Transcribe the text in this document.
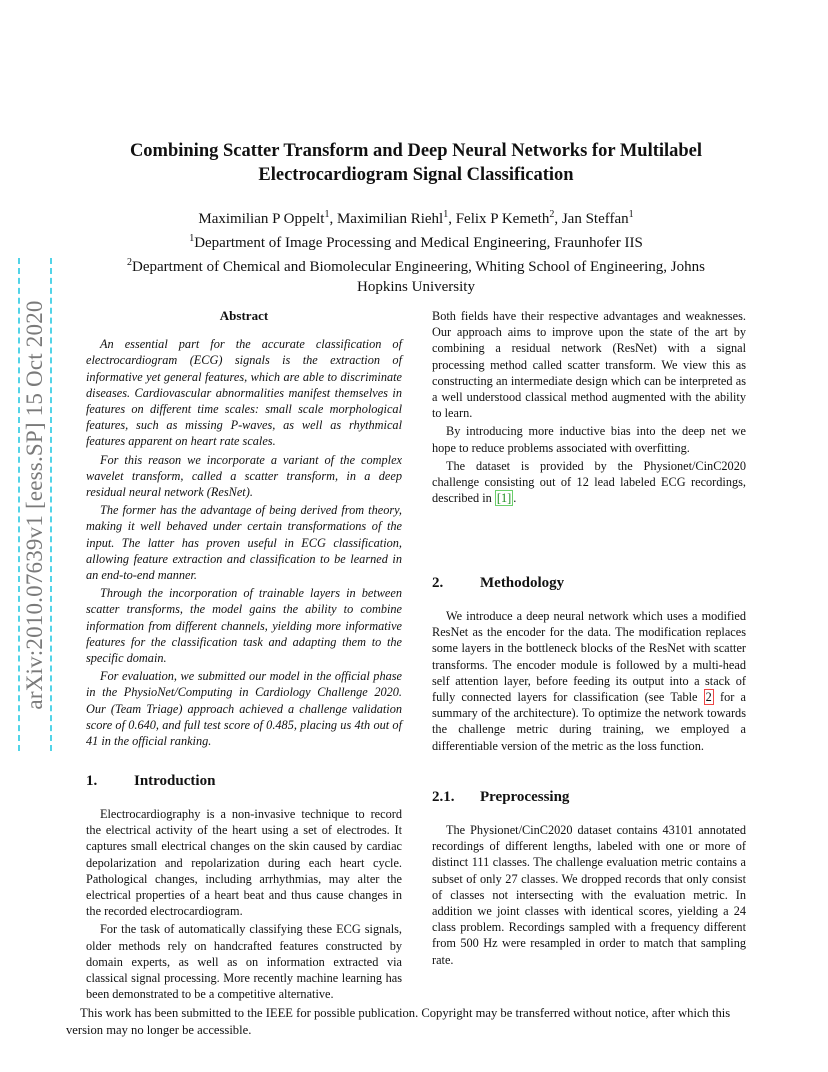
arXiv:2010.07639v1 [eess.SP] 15 Oct 2020
Combining Scatter Transform and Deep Neural Networks for Multilabel
Electrocardiogram Signal Classification
Maximilian P Oppelt$^1$, Maximilian Riehl$^1$, Felix P Kemeth$^2$, Jan Steffan$^1$
$^1$Department of Image Processing and Medical Engineering, Fraunhofer IIS
$^2$Department of Chemical and Biomolecular Engineering, Whiting School of Engineering, Johns
Hopkins University
Abstract

An essential part for the accurate classification of electrocardiogram (ECG) signals is the extraction of informative yet general features, which are able to discriminate diseases. Cardiovascular abnormalities manifest themselves in features on different time scales: small scale morphological features, such as missing P-waves, as well as rhythmical features apparent on heart rate scales.

For this reason we incorporate a variant of the complex wavelet transform, called a scatter transform, in a deep residual neural network (ResNet).

The former has the advantage of being derived from theory, making it well behaved under certain transformations of the input. The latter has proven useful in ECG classification, allowing feature extraction and classification to be learned in an end-to-end manner.

Through the incorporation of trainable layers in between scatter transforms, the model gains the ability to combine information from different channels, yielding more informative features for the classification task and adapting them to the specific domain.

For evaluation, we submitted our model in the official phase in the PhysioNet/Computing in Cardiology Challenge 2020. Our (Team Triage) approach achieved a challenge validation score of 0.640, and full test score of 0.485, placing us 4th out of 41 in the official ranking.

1. Introduction

Electrocardiography is a non-invasive technique to record the electrical activity of the heart using a set of electrodes. It captures small electrical changes on the skin caused by cardiac depolarization and repolarization during each heart cycle. Pathological changes, including arrhythmias, may alter the electrical properties of a heart beat and thus cause changes in the recorded electrocardiogram.

For the task of automatically classifying these ECG signals, older methods rely on handcrafted features constructed by domain experts, as well as on information extracted via classical signal processing. More recently machine learning has been demonstrated to be a competitive alternative.

Both fields have their respective advantages and weaknesses. Our approach aims to improve upon the state of the art by combining a residual network (ResNet) with a signal processing method called scatter transform. We view this as constructing an intermediate design which can be interpreted as a well understood classical method augmented with the ability to learn.

By introducing more inductive bias into the deep net we hope to reduce problems associated with overfitting.

The dataset is provided by the Physionet/CinC2020 challenge consisting out of 12 lead labeled ECG recordings, described in [1] .

2. Methodology

We introduce a deep neural network which uses a modified ResNet as the encoder for the data. The modification replaces some layers in the bottleneck blocks of the ResNet with scatter transforms. The encoder module is followed by a multi-head self attention layer, before feeding its output into a stack of fully connected layers for classification (see Table 2 for a summary of the architecture). To optimize the network towards the challenge metric during training, we employed a differentiable version of the metric as the loss function.

2.1. Preprocessing

The Physionet/CinC2020 dataset contains 43101 annotated recordings of different lengths, labeled with one or more of distinct 111 classes. The challenge evaluation metric contains a subset of only 27 classes. We dropped records that only consist of classes not intersecting with the evaluation metric. In addition we joint classes with identical scores, yielding a 24 class problem. Recordings sampled with a frequency different from 500 Hz were resampled in order to match that sampling rate.

This work has been submitted to the IEEE for possible publication. Copyright may be transferred without notice, after which this version may no longer be accessible.
